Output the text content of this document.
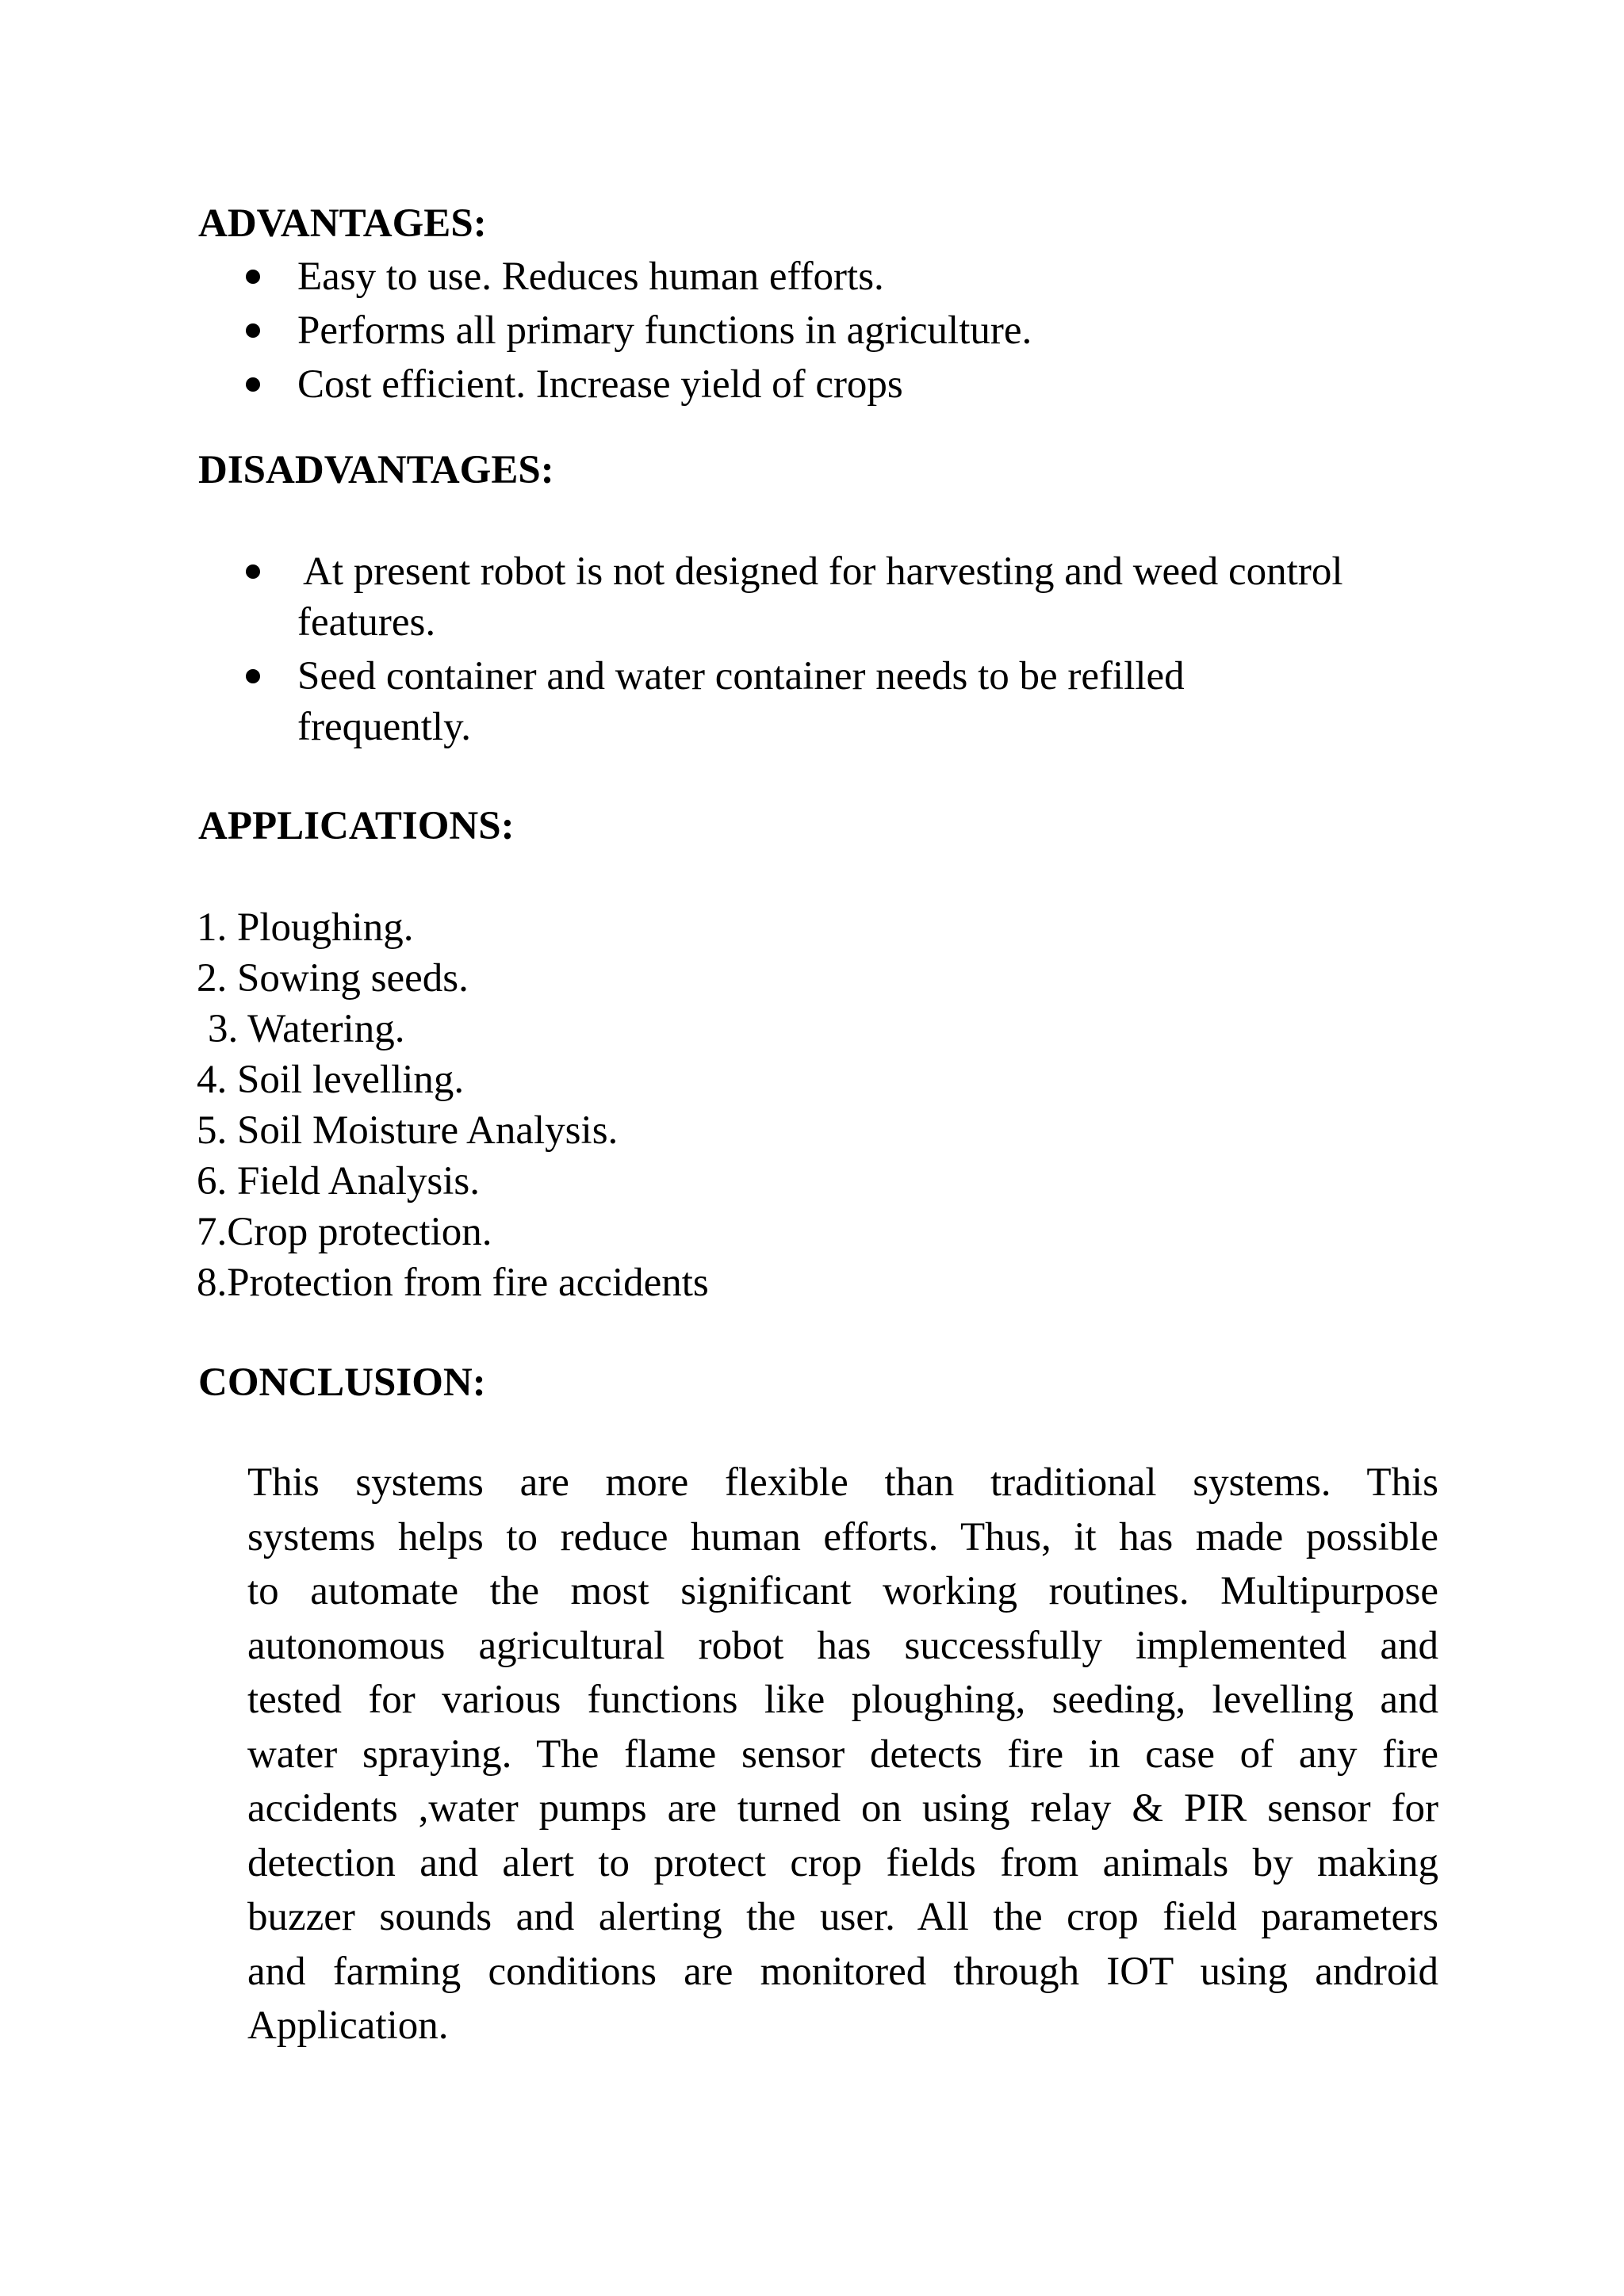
ADVANTAGES:
Easy to use. Reduces human efforts.
Performs all primary functions in agriculture.
Cost efficient. Increase yield of crops
DISADVANTAGES:
At present robot is not designed for harvesting and weed control
features.
Seed container and water container needs to be refilled
frequently.
APPLICATIONS:
1. Ploughing.
2. Sowing seeds.
3. Watering.
4. Soil levelling.
5. Soil Moisture Analysis.
6. Field Analysis.
7.Crop protection.
8.Protection from fire accidents
CONCLUSION:
This systems are more flexible than traditional systems. This
systems helps to reduce human efforts. Thus, it has made possible
to automate the most significant working routines. Multipurpose
autonomous agricultural robot has successfully implemented and
tested for various functions like ploughing, seeding, levelling and
water spraying. The flame sensor detects fire in case of any fire
accidents ,water pumps are turned on using relay & PIR sensor for
detection and alert to protect crop fields from animals by making
buzzer sounds and alerting the user. All the crop field parameters
and farming conditions are monitored through IOT using android
Application.
